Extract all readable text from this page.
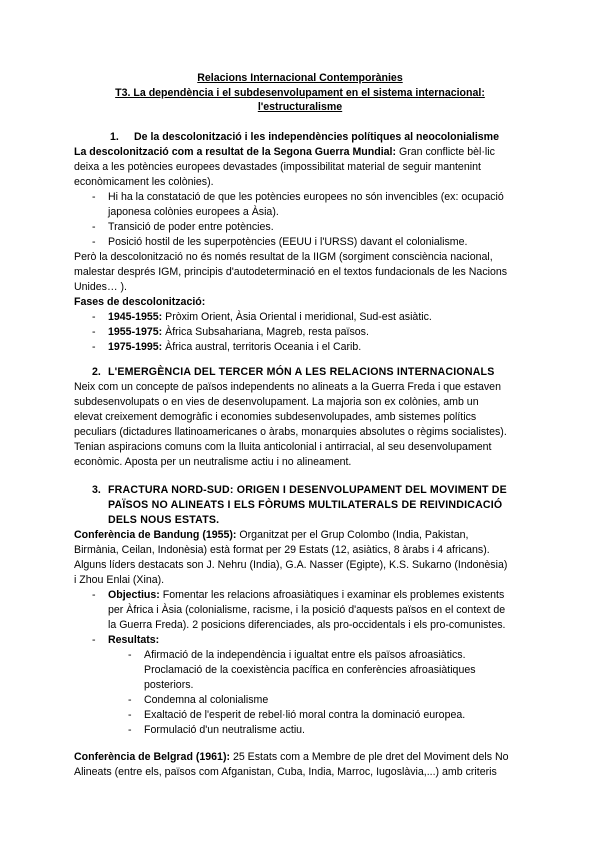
Relacions Internacional Contemporànies
T3. La dependència i el subdesenvolupament en el sistema internacional:
l'estructuralisme
1. De la descolonització i les independències polítiques al neocolonialisme
La descolonització com a resultat de la Segona Guerra Mundial: Gran conflicte bèl·lic
deixa a les potències europees devastades (impossibilitat material de seguir mantenint
econòmicament les colònies).
- Hi ha la constatació de que les potències europees no són invencibles (ex: ocupació
japonesa colònies europees a Àsia).
- Transició de poder entre potències.
- Posició hostil de les superpotències (EEUU i l'URSS) davant el colonialisme.
Però la descolonització no és només resultat de la IIGM (sorgiment consciència nacional,
malestar després IGM, principis d'autodeterminació en el textos fundacionals de les Nacions
Unides… ).
Fases de descolonització:
- 1945-1955: Pròxim Orient, Àsia Oriental i meridional, Sud-est asiàtic.
- 1955-1975: Àfrica Subsahariana, Magreb, resta països.
- 1975-1995: Àfrica austral, territoris Oceania i el Carib.
2. L'EMERGÈNCIA DEL TERCER MÓN A LES RELACIONS INTERNACIONALS
Neix com un concepte de països independents no alineats a la Guerra Freda i que estaven
subdesenvolupats o en vies de desenvolupament. La majoria son ex colònies, amb un
elevat creixement demogràfic i economies subdesenvolupades, amb sistemes polítics
peculiars (dictadures llatinoamericanes o àrabs, monarquies absolutes o règims socialistes).
Tenian aspiracions comuns com la lluita anticolonial i antirracial, al seu desenvolupament
econòmic. Aposta per un neutralisme actiu i no alineament.
3. FRACTURA NORD-SUD: ORIGEN I DESENVOLUPAMENT DEL MOVIMENT DE
PAÏSOS NO ALINEATS I ELS FÒRUMS MULTILATERALS DE REIVINDICACIÓ
DELS NOUS ESTATS.
Conferència de Bandung (1955): Organitzat per el Grup Colombo (India, Pakistan,
Birmània, Ceilan, Indonèsia) està format per 29 Estats (12, asiàtics, 8 àrabs i 4 africans).
Alguns líders destacats son J. Nehru (India), G.A. Nasser (Egipte), K.S. Sukarno (Indonèsia)
i Zhou Enlai (Xina).
- Objectius: Fomentar les relacions afroasiàtiques i examinar els problemes existents
per Àfrica i Àsia (colonialisme, racisme, i la posició d'aquests països en el context de
la Guerra Freda). 2 posicions diferenciades, als pro-occidentals i els pro-comunistes.
- Resultats:
- Afirmació de la independència i igualtat entre els països afroasiàtics.
Proclamació de la coexistència pacífica en conferències afroasiàtiques
posteriors.
- Condemna al colonialisme
- Exaltació de l'esperit de rebel·lió moral contra la dominació europea.
- Formulació d'un neutralisme actiu.
Conferència de Belgrad (1961): 25 Estats com a Membre de ple dret del Moviment dels No
Alineats (entre els, països com Afganistan, Cuba, India, Marroc, Iugoslàvia,...) amb criteris
